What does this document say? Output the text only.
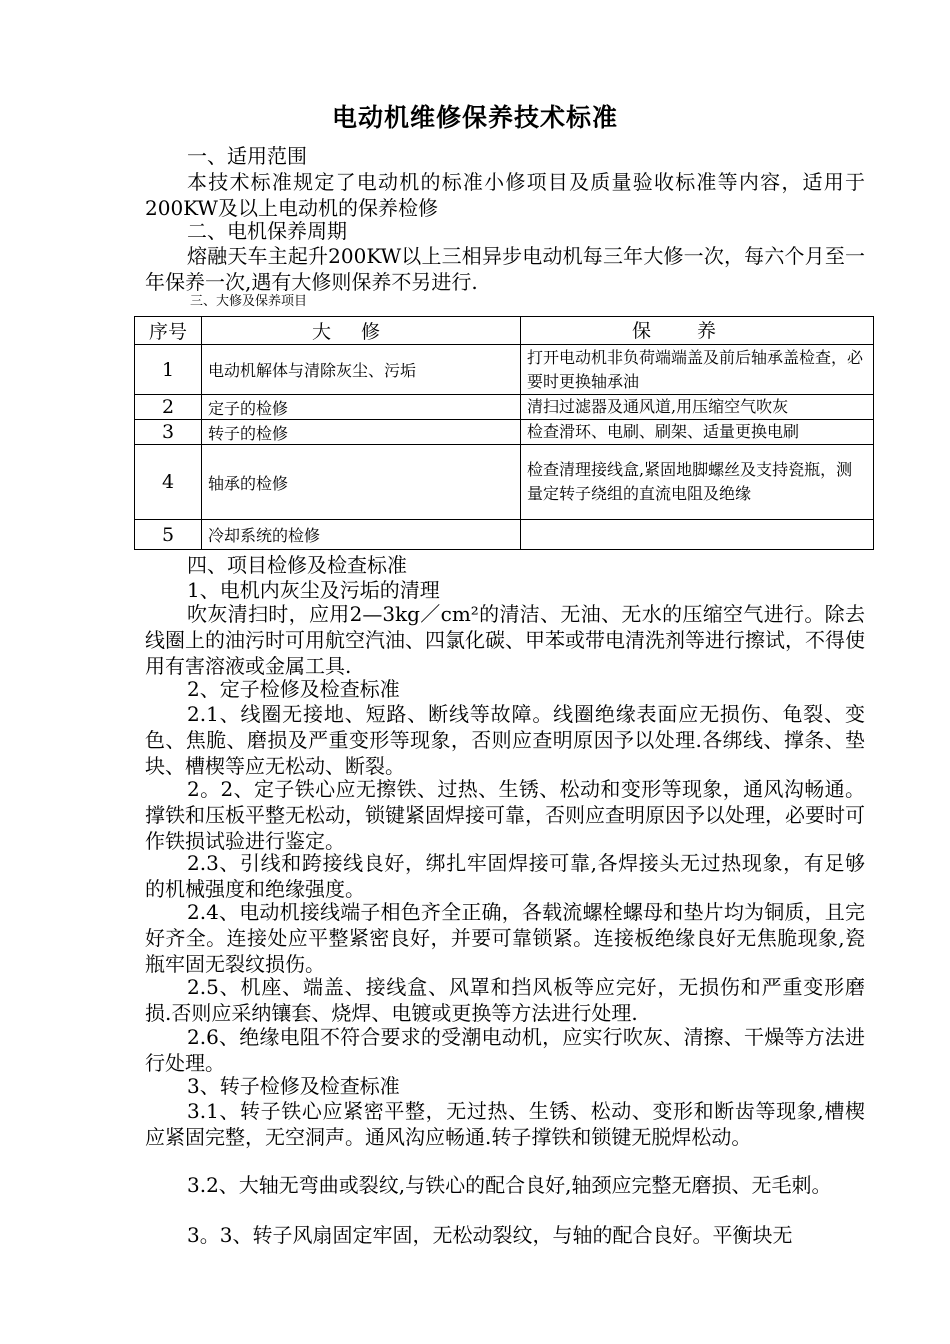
电动机维修保养技术标准
一、适用范围
本技术标准规定了电动机的标准小修项目及质量验收标准等内容，适用于200KW及以上电动机的保养检修
二、电机保养周期
熔融天车主起升200KW以上三相异步电动机每三年大修一次，每六个月至一年保养一次,遇有大修则保养不另进行.
三、大修及保养项目
序号	大修	保养
1	电动机解体与清除灰尘、污垢	打开电动机非负荷端端盖及前后轴承盖检查，必要时更换轴承油
2	定子的检修	清扫过滤器及通风道,用压缩空气吹灰
3	转子的检修	检查滑环、电刷、刷架、适量更换电刷
4	轴承的检修	检查清理接线盒,紧固地脚螺丝及支持瓷瓶，测量定转子绕组的直流电阻及绝缘
5	冷却系统的检修	
四、项目检修及检查标准
1、电机内灰尘及污垢的清理
吹灰清扫时，应用2—3kg／cm²的清洁、无油、无水的压缩空气进行。除去线圈上的油污时可用航空汽油、四氯化碳、甲苯或带电清洗剂等进行擦试，不得使用有害溶液或金属工具.
2、定子检修及检查标准
2.1、线圈无接地、短路、断线等故障。线圈绝缘表面应无损伤、龟裂、变色、焦脆、磨损及严重变形等现象，否则应查明原因予以处理.各绑线、撑条、垫块、槽楔等应无松动、断裂。
2。2、定子铁心应无擦铁、过热、生锈、松动和变形等现象，通风沟畅通。撑铁和压板平整无松动，锁键紧固焊接可靠，否则应查明原因予以处理，必要时可作铁损试验进行鉴定。
2.3、引线和跨接线良好，绑扎牢固焊接可靠,各焊接头无过热现象，有足够的机械强度和绝缘强度。
2.4、电动机接线端子相色齐全正确，各载流螺栓螺母和垫片均为铜质，且完好齐全。连接处应平整紧密良好，并要可靠锁紧。连接板绝缘良好无焦脆现象,瓷瓶牢固无裂纹损伤。
2.5、机座、端盖、接线盒、风罩和挡风板等应完好，无损伤和严重变形磨损.否则应采纳镶套、烧焊、电镀或更换等方法进行处理.
2.6、绝缘电阻不符合要求的受潮电动机，应实行吹灰、清擦、干燥等方法进行处理。
3、转子检修及检查标准
3.1、转子铁心应紧密平整，无过热、生锈、松动、变形和断齿等现象,槽楔应紧固完整，无空洞声。通风沟应畅通.转子撑铁和锁键无脱焊松动。
3.2、大轴无弯曲或裂纹,与铁心的配合良好,轴颈应完整无磨损、无毛刺。
3。3、转子风扇固定牢固，无松动裂纹，与轴的配合良好。平衡块无
